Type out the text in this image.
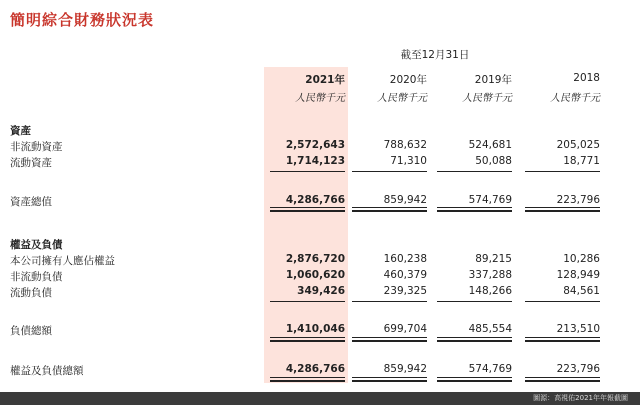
簡明綜合財務狀況表
截至12月31日
2021年	2020年	2019年	2018
人民幣千元	人民幣千元	人民幣千元	人民幣千元
資產
非流動資產	2,572,643	788,632	524,681	205,025
流動資產	1,714,123	71,310	50,088	18,771
資產總值	4,286,766	859,942	574,769	223,796
權益及負債
本公司擁有人應佔權益	2,876,720	160,238	89,215	10,286
非流動負債	1,060,620	460,379	337,288	128,949
流動負債	349,426	239,325	148,266	84,561
負債總額	1,410,046	699,704	485,554	213,510
權益及負債總額	4,286,766	859,942	574,769	223,796
圖源：高視佑2021年年報截圖
